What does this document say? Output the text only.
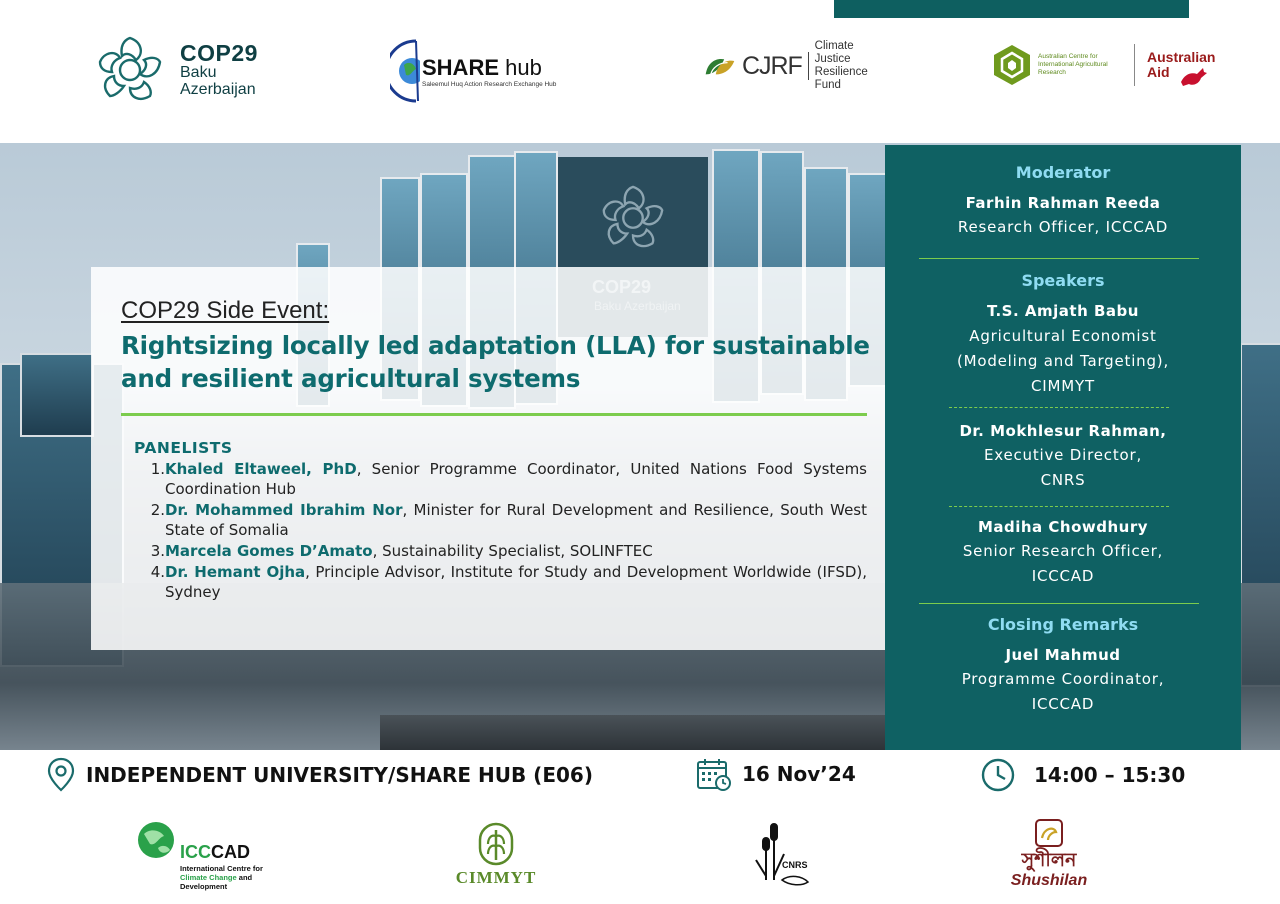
COP29
Baku
Azerbaijan
SHARE hub
Saleemul Huq Action Research Exchange Hub
CJRF
Climate Justice
Resilience Fund
Australian Centre for International Agricultural Research
Australian
Aid
COP29 Side Event:
Rightsizing locally led adaptation (LLA) for sustainable and resilient agricultural systems
PANELISTS
1. Khaled Eltaweel, PhD, Senior Programme Coordinator, United Nations Food Systems Coordination Hub
2. Dr. Mohammed Ibrahim Nor, Minister for Rural Development and Resilience, South West State of Somalia
3. Marcela Gomes D’Amato, Sustainability Specialist, SOLINFTEC
4. Dr. Hemant Ojha, Principle Advisor, Institute for Study and Development Worldwide (IFSD), Sydney
Moderator
Farhin Rahman Reeda
Research Officer, ICCCAD
Speakers
T.S. Amjath Babu
Agricultural Economist
(Modeling and Targeting),
CIMMYT
Dr. Mokhlesur Rahman,
Executive Director,
CNRS
Madiha Chowdhury
Senior Research Officer,
ICCCAD
Closing Remarks
Juel Mahmud
Programme Coordinator,
ICCCAD
INDEPENDENT UNIVERSITY/SHARE HUB (E06)	16 Nov’24	14:00 – 15:30
ICCCAD
International Centre for Climate Change and Development	CIMMYT
CNRS	সুশীলন
Shushilan
